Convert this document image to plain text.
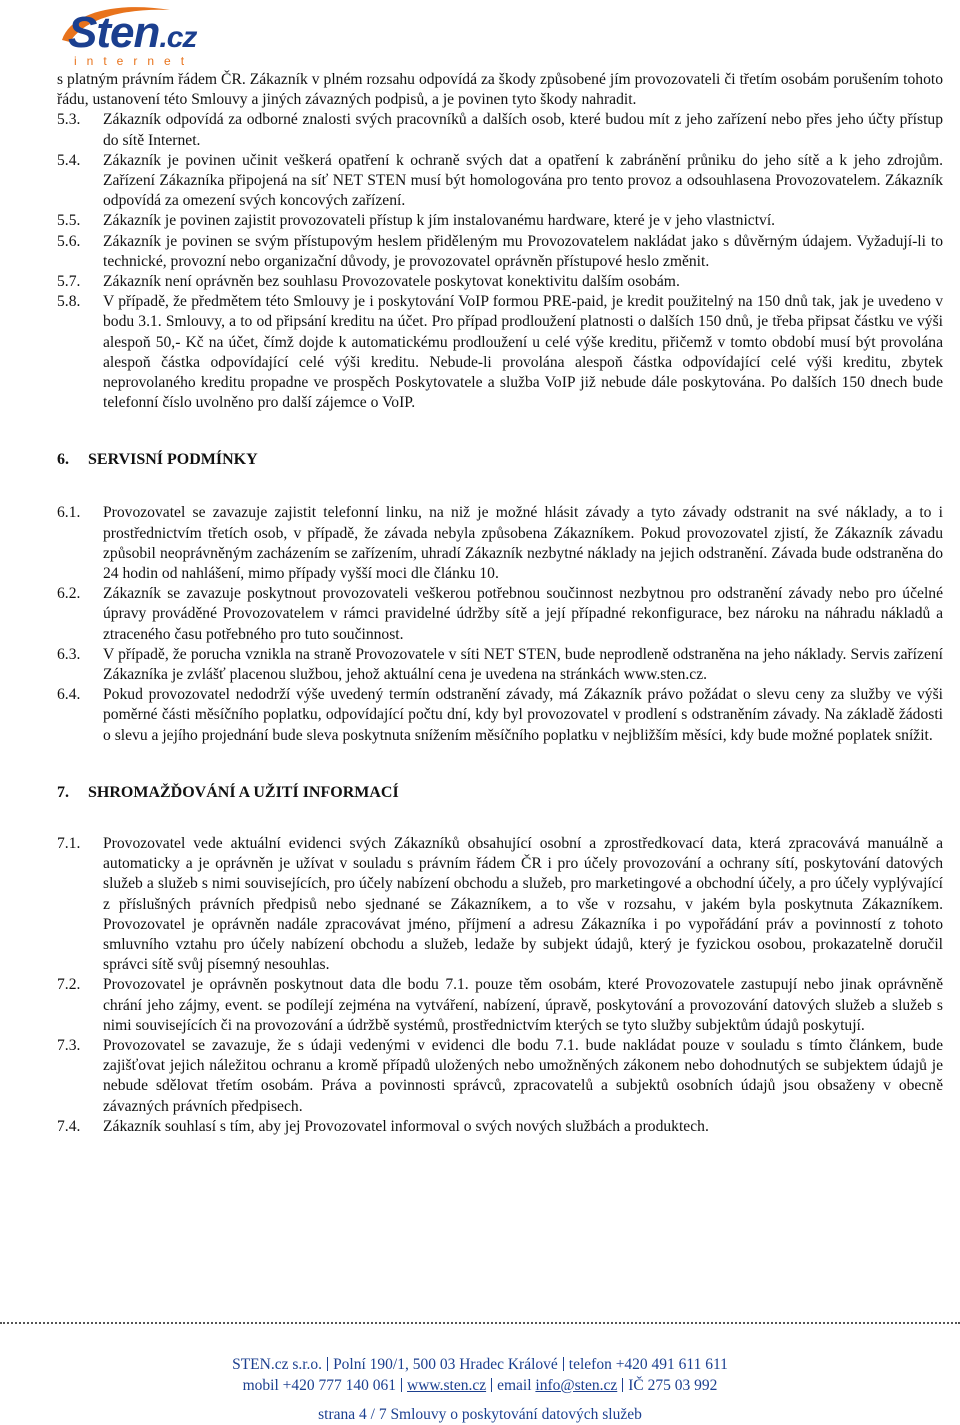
Sten.cz
internet
s platným právním řádem ČR. Zákazník v plném rozsahu odpovídá za škody způsobené jím provozovateli či třetím osobám porušením tohoto řádu, ustanovení této Smlouvy a jiných závazných podpisů, a je povinen tyto škody nahradit.
5.3.	Zákazník odpovídá za odborné znalosti svých pracovníků a dalších osob, které budou mít z jeho zařízení nebo přes jeho účty přístup do sítě Internet.
5.4.	Zákazník je povinen učinit veškerá opatření k ochraně svých dat a opatření k zabránění průniku do jeho sítě a k jeho zdrojům. Zařízení Zákazníka připojená na síť NET STEN musí být homologována pro tento provoz a odsouhlasena Provozovatelem. Zákazník odpovídá za omezení svých koncových zařízení.
5.5.	Zákazník je povinen zajistit provozovateli přístup k jím instalovanému hardware, které je v jeho vlastnictví.
5.6.	Zákazník je povinen se svým přístupovým heslem přiděleným mu Provozovatelem nakládat jako s důvěrným údajem. Vyžadují-li to technické, provozní nebo organizační důvody, je provozovatel oprávněn přístupové heslo změnit.
5.7.	Zákazník není oprávněn bez souhlasu Provozovatele poskytovat konektivitu dalším osobám.
5.8.	V případě, že předmětem této Smlouvy je i poskytování VoIP formou PRE-paid, je kredit použitelný na 150 dnů tak, jak je uvedeno v bodu 3.1. Smlouvy, a to od připsání kreditu na účet. Pro případ prodloužení platnosti o dalších 150 dnů, je třeba připsat částku ve výši alespoň 50,- Kč na účet, čímž dojde k automatickému prodloužení u celé výše kreditu, přičemž v tomto období musí být provolána alespoň částka odpovídající celé výši kreditu. Nebude-li provolána alespoň částka odpovídající celé výši kreditu, zbytek neprovolaného kreditu propadne ve prospěch Poskytovatele a služba VoIP již nebude dále poskytována. Po dalších 150 dnech bude telefonní číslo uvolněno pro další zájemce o VoIP.
6.	SERVISNÍ PODMÍNKY
6.1.	Provozovatel se zavazuje zajistit telefonní linku, na niž je možné hlásit závady a tyto závady odstranit na své náklady, a to i prostřednictvím třetích osob, v případě, že závada nebyla způsobena Zákazníkem. Pokud provozovatel zjistí, že Zákazník závadu způsobil neoprávněným zacházením se zařízením, uhradí Zákazník nezbytné náklady na jejich odstranění. Závada bude odstraněna do 24 hodin od nahlášení, mimo případy vyšší moci dle článku 10.
6.2.	Zákazník se zavazuje poskytnout provozovateli veškerou potřebnou součinnost nezbytnou pro odstranění závady nebo pro účelné úpravy prováděné Provozovatelem v rámci pravidelné údržby sítě a její případné rekonfigurace, bez nároku na náhradu nákladů a ztraceného času potřebného pro tuto součinnost.
6.3.	V případě, že porucha vznikla na straně Provozovatele v síti NET STEN, bude neprodleně odstraněna na jeho náklady. Servis zařízení Zákazníka je zvlášť placenou službou, jehož aktuální cena je uvedena na stránkách www.sten.cz.
6.4.	Pokud provozovatel nedodrží výše uvedený termín odstranění závady, má Zákazník právo požádat o slevu ceny za služby ve výši poměrné části měsíčního poplatku, odpovídající počtu dní, kdy byl provozovatel v prodlení s odstraněním závady. Na základě žádosti o slevu a jejího projednání bude sleva poskytnuta snížením měsíčního poplatku v nejbližším měsíci, kdy bude možné poplatek snížit.
7.	SHROMAŽĎOVÁNÍ A UŽITÍ INFORMACÍ
7.1.	Provozovatel vede aktuální evidenci svých Zákazníků obsahující osobní a zprostředkovací data, která zpracovává manuálně a automaticky a je oprávněn je užívat v souladu s právním řádem ČR i pro účely provozování a ochrany sítí, poskytování datových služeb a služeb s nimi souvisejících, pro účely nabízení obchodu a služeb, pro marketingové a obchodní účely, a pro účely vyplývající z příslušných právních předpisů nebo sjednané se Zákazníkem, a to vše v rozsahu, v jakém byla poskytnuta Zákazníkem. Provozovatel je oprávněn nadále zpracovávat jméno, příjmení a adresu Zákazníka i po vypořádání práv a povinností z tohoto smluvního vztahu pro účely nabízení obchodu a služeb, ledaže by subjekt údajů, který je fyzickou osobou, prokazatelně doručil správci sítě svůj písemný nesouhlas.
7.2.	Provozovatel je oprávněn poskytnout data dle bodu 7.1. pouze těm osobám, které Provozovatele zastupují nebo jinak oprávněně chrání jeho zájmy, event. se podílejí zejména na vytváření, nabízení, úpravě, poskytování a provozování datových služeb a služeb s nimi souvisejících či na provozování a údržbě systémů, prostřednictvím kterých se tyto služby subjektům údajů poskytují.
7.3.	Provozovatel se zavazuje, že s údaji vedenými v evidenci dle bodu 7.1. bude nakládat pouze v souladu s tímto článkem, bude zajišťovat jejich náležitou ochranu a kromě případů uložených nebo umožněných zákonem nebo dohodnutých se subjektem údajů je nebude sdělovat třetím osobám. Práva a povinnosti správců, zpracovatelů a subjektů osobních údajů jsou obsaženy v obecně závazných právních předpisech.
7.4.	Zákazník souhlasí s tím, aby jej Provozovatel informoval o svých nových službách a produktech.
STEN.cz s.r.o. Polní 190/1, 500 03 Hradec Králové telefon +420 491 611 611
mobil +420 777 140 061 www.sten.cz email info@sten.cz IČ 275 03 992
strana 4 / 7 Smlouvy o poskytování datových služeb
